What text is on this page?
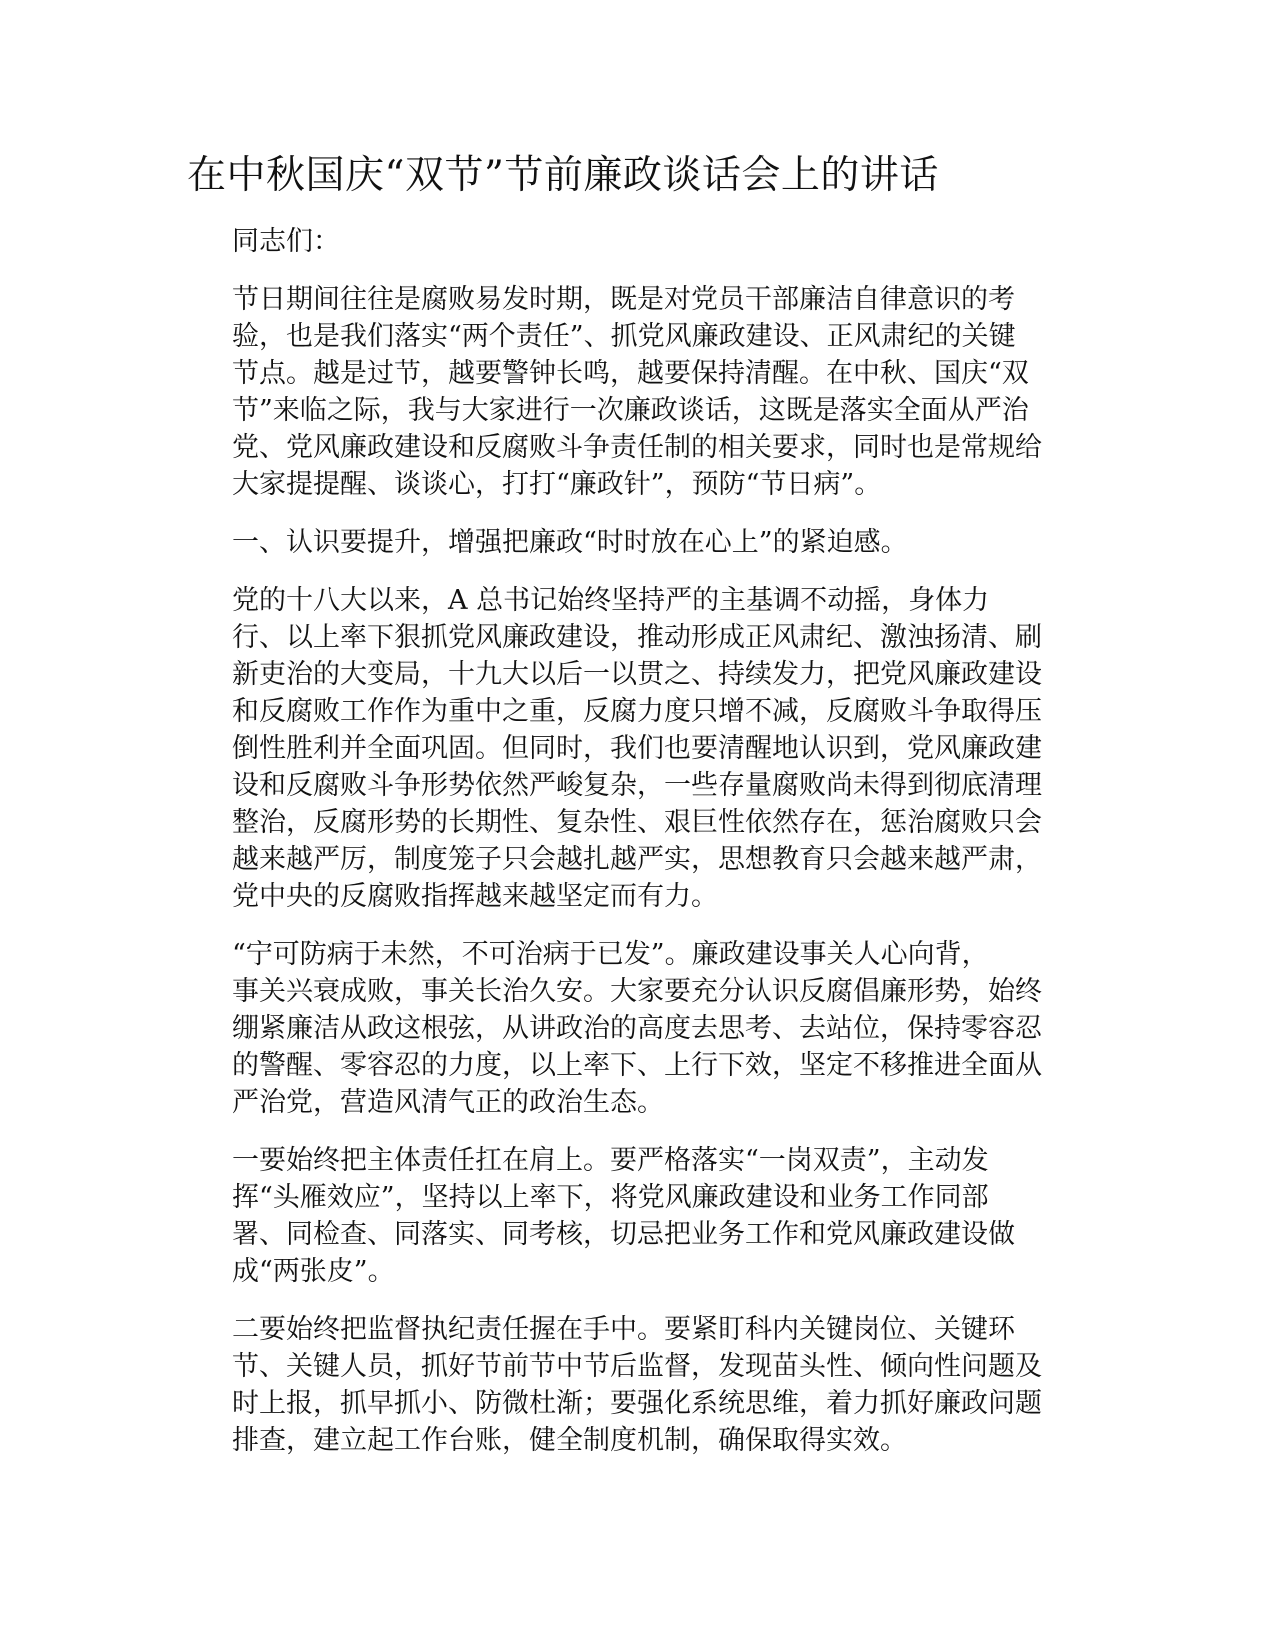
在中秋国庆“双节”节前廉政谈话会上的讲话

同志们：

节日期间往往是腐败易发时期，既是对党员干部廉洁自律意识的考
验，也是我们落实“两个责任”、抓党风廉政建设、正风肃纪的关键
节点。越是过节，越要警钟长鸣，越要保持清醒。在中秋、国庆“双
节”来临之际，我与大家进行一次廉政谈话，这既是落实全面从严治
党、党风廉政建设和反腐败斗争责任制的相关要求，同时也是常规给
大家提提醒、谈谈心，打打“廉政针”，预防“节日病”。

一、认识要提升，增强把廉政“时时放在心上”的紧迫感。

党的十八大以来，A 总书记始终坚持严的主基调不动摇，身体力
行、以上率下狠抓党风廉政建设，推动形成正风肃纪、激浊扬清、刷
新吏治的大变局，十九大以后一以贯之、持续发力，把党风廉政建设
和反腐败工作作为重中之重，反腐力度只增不减，反腐败斗争取得压
倒性胜利并全面巩固。但同时，我们也要清醒地认识到，党风廉政建
设和反腐败斗争形势依然严峻复杂，一些存量腐败尚未得到彻底清理
整治，反腐形势的长期性、复杂性、艰巨性依然存在，惩治腐败只会
越来越严厉，制度笼子只会越扎越严实，思想教育只会越来越严肃，
党中央的反腐败指挥越来越坚定而有力。

“宁可防病于未然，不可治病于已发”。廉政建设事关人心向背，
事关兴衰成败，事关长治久安。大家要充分认识反腐倡廉形势，始终
绷紧廉洁从政这根弦，从讲政治的高度去思考、去站位，保持零容忍
的警醒、零容忍的力度，以上率下、上行下效，坚定不移推进全面从
严治党，营造风清气正的政治生态。

一要始终把主体责任扛在肩上。要严格落实“一岗双责”，主动发
挥“头雁效应”，坚持以上率下，将党风廉政建设和业务工作同部
署、同检查、同落实、同考核，切忌把业务工作和党风廉政建设做
成“两张皮”。

二要始终把监督执纪责任握在手中。要紧盯科内关键岗位、关键环
节、关键人员，抓好节前节中节后监督，发现苗头性、倾向性问题及
时上报，抓早抓小、防微杜渐；要强化系统思维，着力抓好廉政问题
排查，建立起工作台账，健全制度机制，确保取得实效。
